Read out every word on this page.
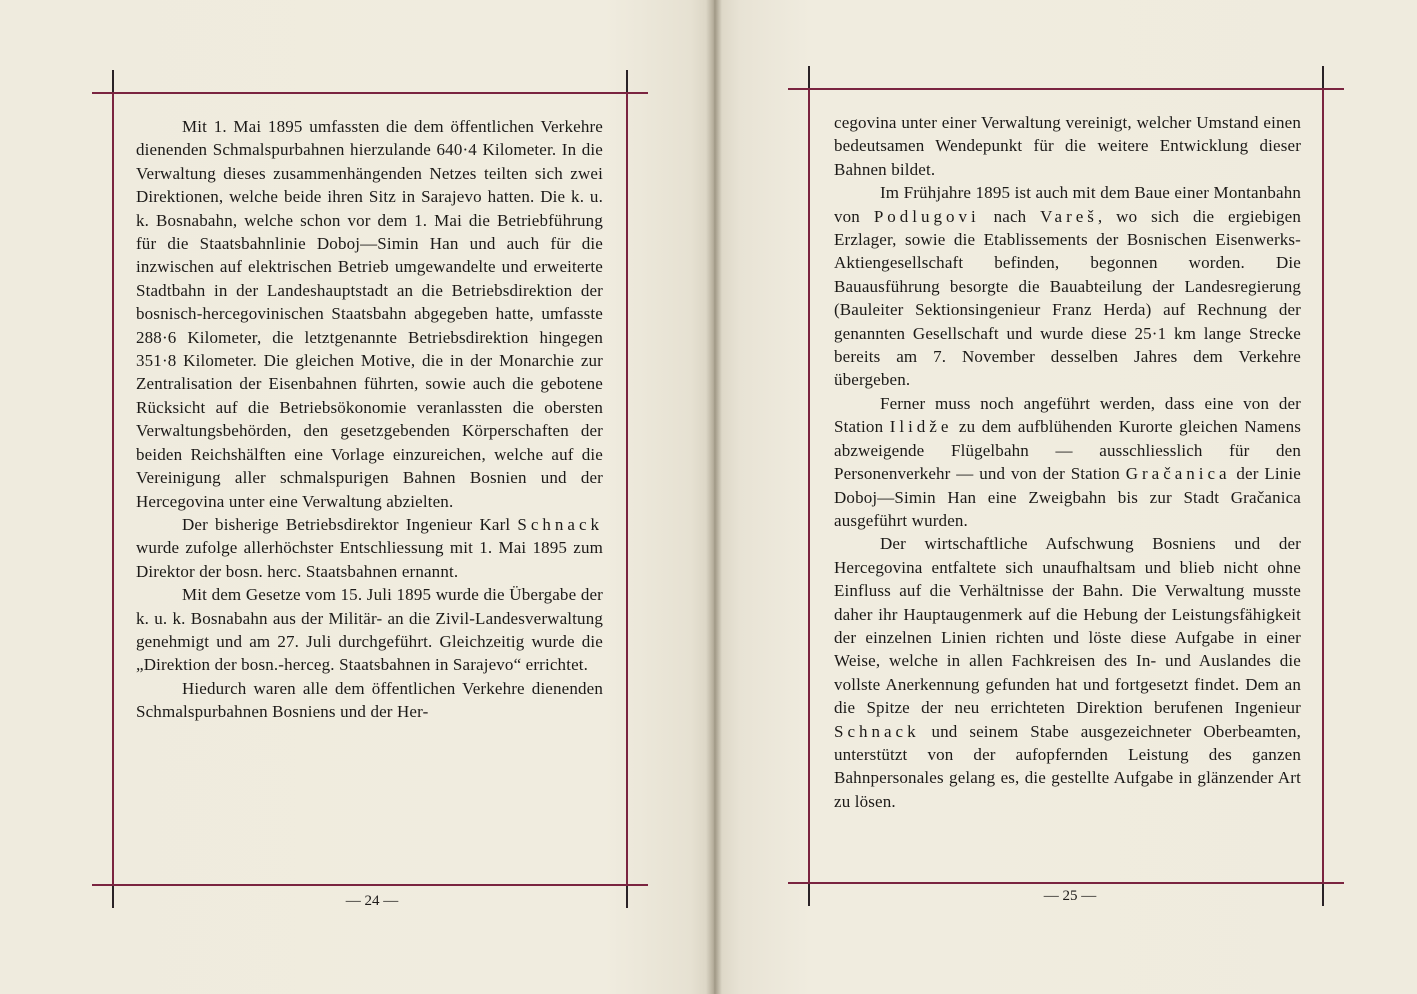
Mit 1. Mai 1895 umfassten die dem öffentlichen Verkehre dienenden Schmalspurbahnen hierzulande 640·4 Kilometer. In die Verwaltung dieses zusammenhängenden Netzes teilten sich zwei Direktionen, welche beide ihren Sitz in Sarajevo hatten. Die k. u. k. Bosnabahn, welche schon vor dem 1. Mai die Betriebführung für die Staatsbahnlinie Doboj—Simin Han und auch für die inzwischen auf elektrischen Betrieb umgewandelte und erweiterte Stadtbahn in der Landeshauptstadt an die Betriebsdirektion der bosnisch-hercegovinischen Staatsbahn abgegeben hatte, umfasste 288·6 Kilometer, die letztgenannte Betriebsdirektion hingegen 351·8 Kilometer. Die gleichen Motive, die in der Monarchie zur Zentralisation der Eisenbahnen führten, sowie auch die gebotene Rücksicht auf die Betriebsökonomie veranlassten die obersten Verwaltungsbehörden, den gesetzgebenden Körperschaften der beiden Reichshälften eine Vorlage einzureichen, welche auf die Vereinigung aller schmalspurigen Bahnen Bosnien und der Hercegovina unter eine Verwaltung abzielten.

Der bisherige Betriebsdirektor Ingenieur Karl Schnack wurde zufolge allerhöchster Entschliessung mit 1. Mai 1895 zum Direktor der bosn. herc. Staatsbahnen ernannt.

Mit dem Gesetze vom 15. Juli 1895 wurde die Übergabe der k. u. k. Bosnabahn aus der Militär- an die Zivil-Landesverwaltung genehmigt und am 27. Juli durchgeführt. Gleichzeitig wurde die „Direktion der bosn.-herceg. Staatsbahnen in Sarajevo“ errichtet.

Hiedurch waren alle dem öffentlichen Verkehre dienenden Schmalspurbahnen Bosniens und der Her-

— 24 —

cegovina unter einer Verwaltung vereinigt, welcher Umstand einen bedeutsamen Wendepunkt für die weitere Entwicklung dieser Bahnen bildet.

Im Frühjahre 1895 ist auch mit dem Baue einer Montanbahn von Podlugovi nach Vareš, wo sich die ergiebigen Erzlager, sowie die Etablissements der Bosnischen Eisenwerks-Aktiengesellschaft befinden, begonnen worden. Die Bauausführung besorgte die Bauabteilung der Landesregierung (Bauleiter Sektionsingenieur Franz Herda) auf Rechnung der genannten Gesellschaft und wurde diese 25·1 km lange Strecke bereits am 7. November desselben Jahres dem Verkehre übergeben.

Ferner muss noch angeführt werden, dass eine von der Station Ilidže zu dem aufblühenden Kurorte gleichen Namens abzweigende Flügelbahn — ausschliesslich für den Personenverkehr — und von der Station Gračanica der Linie Doboj—Simin Han eine Zweigbahn bis zur Stadt Gračanica ausgeführt wurden.

Der wirtschaftliche Aufschwung Bosniens und der Hercegovina entfaltete sich unaufhaltsam und blieb nicht ohne Einfluss auf die Verhältnisse der Bahn. Die Verwaltung musste daher ihr Hauptaugenmerk auf die Hebung der Leistungsfähigkeit der einzelnen Linien richten und löste diese Aufgabe in einer Weise, welche in allen Fachkreisen des In- und Auslandes die vollste Anerkennung gefunden hat und fortgesetzt findet. Dem an die Spitze der neu errichteten Direktion berufenen Ingenieur Schnack und seinem Stabe ausgezeichneter Oberbeamten, unterstützt von der aufopfernden Leistung des ganzen Bahnpersonales gelang es, die gestellte Aufgabe in glänzender Art zu lösen.

— 25 —
